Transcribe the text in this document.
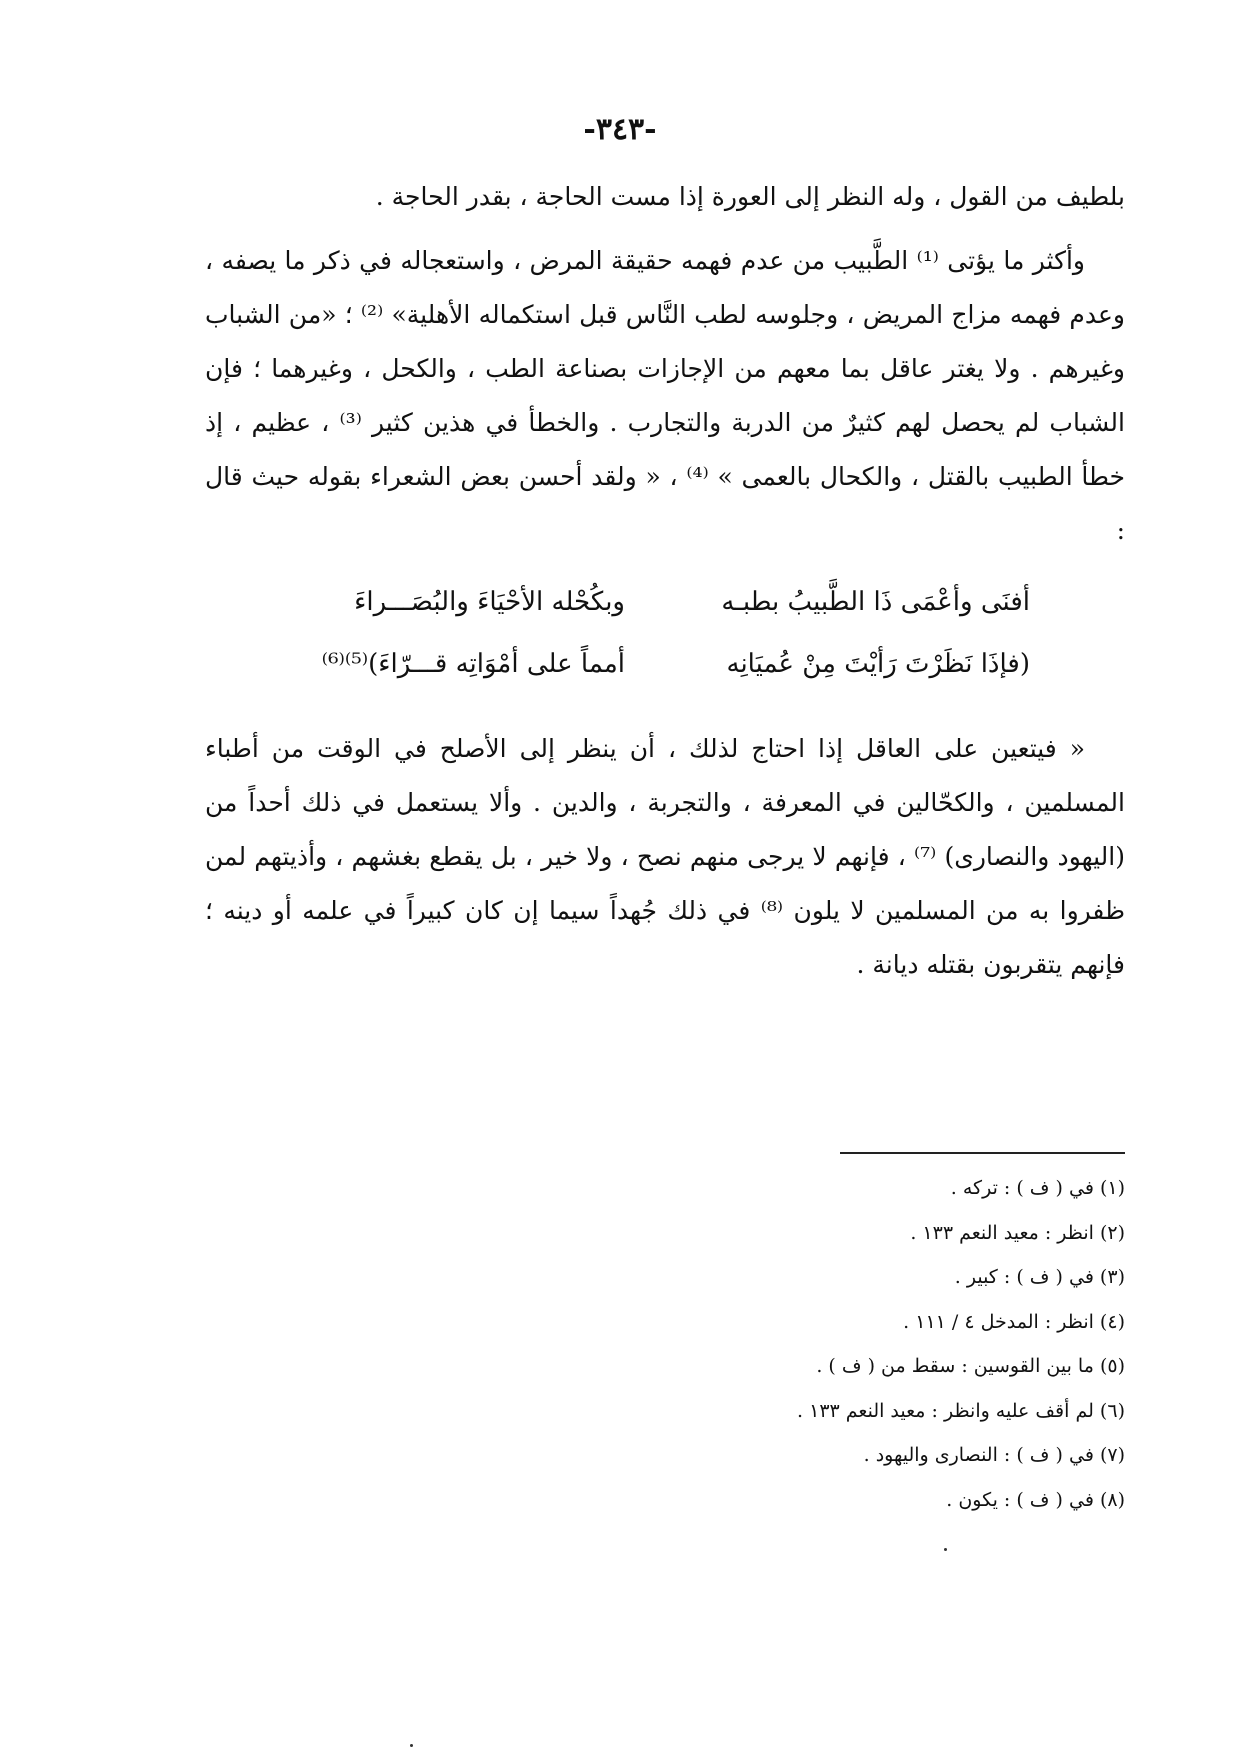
-٣٤٣-

بلطيف من القول ، وله النظر إلى العورة إذا مست الحاجة ، بقدر الحاجة .

وأكثر ما يؤتى ⁽¹⁾ الطَّبيب من عدم فهمه حقيقة المرض ، واستعجاله في ذكر ما يصفه ، وعدم فهمه مزاج المريض ، وجلوسه لطب النَّاس قبل استكماله الأهلية» ⁽²⁾ ؛ «من الشباب وغيرهم . ولا يغتر عاقل بما معهم من الإجازات بصناعة الطب ، والكحل ، وغيرهما ؛ فإن الشباب لم يحصل لهم كثيرٌ من الدربة والتجارب . والخطأ في هذين كثير ⁽³⁾ ، عظيم ، إذ خطأ الطبيب بالقتل ، والكحال بالعمى » ⁽⁴⁾ ، « ولقد أحسن بعض الشعراء بقوله حيث قال :

أفنَى وأعْمَى ذَا الطَّبيبُ بطبـه
وبكُحْله الأحْيَاءَ والبُصَـــراءَ
(فإذَا نَظَرْتَ رَأيْتَ مِنْ عُميَانِه
أمماً على أمْوَاتِه قـــرّاءَ)⁽⁵⁾⁽⁶⁾

« فيتعين على العاقل إذا احتاج لذلك ، أن ينظر إلى الأصلح في الوقت من أطباء المسلمين ، والكحّالين في المعرفة ، والتجربة ، والدين . وألا يستعمل في ذلك أحداً من (اليهود والنصارى) ⁽⁷⁾ ، فإنهم لا يرجى منهم نصح ، ولا خير ، بل يقطع بغشهم ، وأذيتهم لمن ظفروا به من المسلمين لا يلون ⁽⁸⁾ في ذلك جُهداً سيما إن كان كبيراً في علمه أو دينه ؛ فإنهم يتقربون بقتله ديانة .

(١) في ( ف ) : تركه .
(٢) انظر : معيد النعم ١٣٣ .
(٣) في ( ف ) : كبير .
(٤) انظر : المدخل ٤ / ١١١ .
(٥) ما بين القوسين : سقط من ( ف ) .
(٦) لم أقف عليه وانظر : معيد النعم ١٣٣ .
(٧) في ( ف ) : النصارى واليهود .
(٨) في ( ف ) : يكون .
